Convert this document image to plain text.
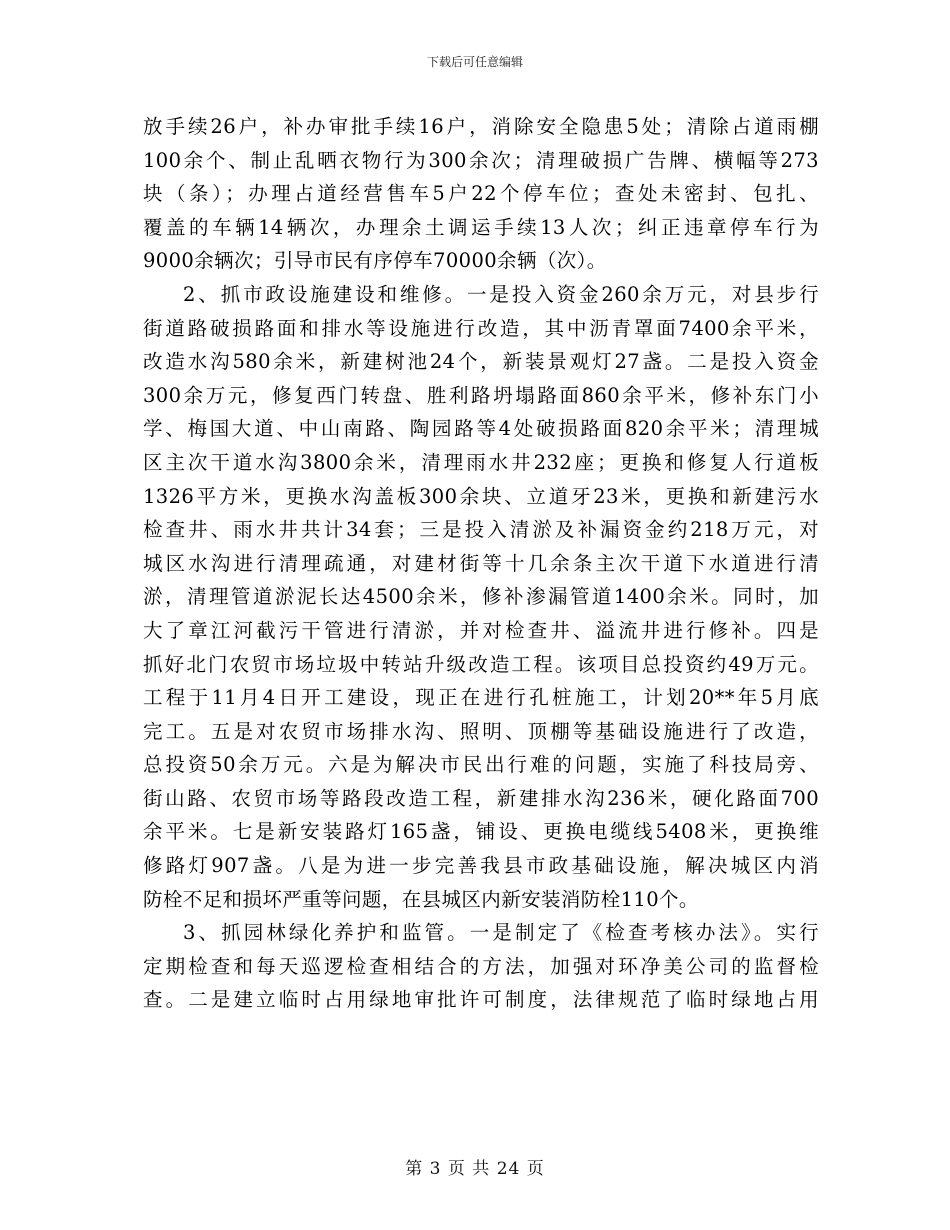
下载后可任意编辑
放手续26户，补办审批手续16户，消除安全隐患5处；清除占道雨棚
100余个、制止乱晒衣物行为300余次；清理破损广告牌、横幅等273
块（条）；办理占道经营售车5户22个停车位；查处未密封、包扎、
覆盖的车辆14辆次，办理余土调运手续13人次；纠正违章停车行为
9000余辆次；引导市民有序停车70000余辆（次）。
2、抓市政设施建设和维修。一是投入资金260余万元，对县步行
街道路破损路面和排水等设施进行改造，其中沥青罩面7400余平米，
改造水沟580余米，新建树池24个，新装景观灯27盏。二是投入资金
300余万元，修复西门转盘、胜利路坍塌路面860余平米，修补东门小
学、梅国大道、中山南路、陶园路等4处破损路面820余平米；清理城
区主次干道水沟3800余米，清理雨水井232座；更换和修复人行道板
1326平方米，更换水沟盖板300余块、立道牙23米，更换和新建污水
检查井、雨水井共计34套；三是投入清淤及补漏资金约218万元，对
城区水沟进行清理疏通，对建材街等十几余条主次干道下水道进行清
淤，清理管道淤泥长达4500余米，修补渗漏管道1400余米。同时，加
大了章江河截污干管进行清淤，并对检查井、溢流井进行修补。四是
抓好北门农贸市场垃圾中转站升级改造工程。该项目总投资约49万元。
工程于11月4日开工建设，现正在进行孔桩施工，计划20**年5月底
完工。五是对农贸市场排水沟、照明、顶棚等基础设施进行了改造，
总投资50余万元。六是为解决市民出行难的问题，实施了科技局旁、
街山路、农贸市场等路段改造工程，新建排水沟236米，硬化路面700
余平米。七是新安装路灯165盏，铺设、更换电缆线5408米，更换维
修路灯907盏。八是为进一步完善我县市政基础设施，解决城区内消
防栓不足和损坏严重等问题，在县城区内新安装消防栓110个。
3、抓园林绿化养护和监管。一是制定了《检查考核办法》。实行
定期检查和每天巡逻检查相结合的方法，加强对环净美公司的监督检
查。二是建立临时占用绿地审批许可制度，法律规范了临时绿地占用
第 3 页 共 24 页
